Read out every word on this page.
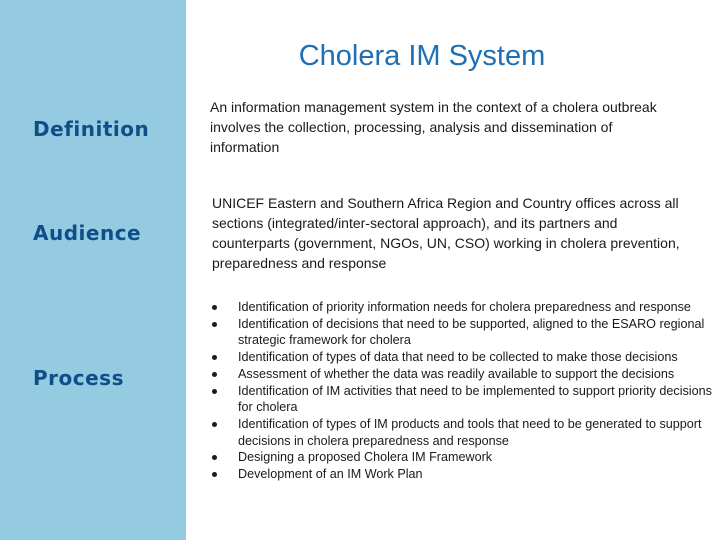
Cholera IM System
Definition
An information management system in the context of a cholera outbreak involves the collection, processing, analysis and dissemination of information
Audience
UNICEF Eastern and Southern Africa Region and Country offices across all sections (integrated/inter-sectoral approach), and its partners and counterparts (government, NGOs, UN, CSO) working in cholera prevention, preparedness and response
Process
Identification of priority information needs for cholera preparedness and response
Identification of decisions that need to be supported, aligned to the ESARO regional strategic framework for cholera
Identification of types of data that need to be collected to make those decisions
Assessment of whether the data was readily available to support the decisions
Identification of IM activities that need to be implemented to support priority decisions for cholera
Identification of types of IM products and tools that need to be generated to support decisions in cholera preparedness and response
Designing a proposed Cholera IM Framework
Development of an IM Work Plan
